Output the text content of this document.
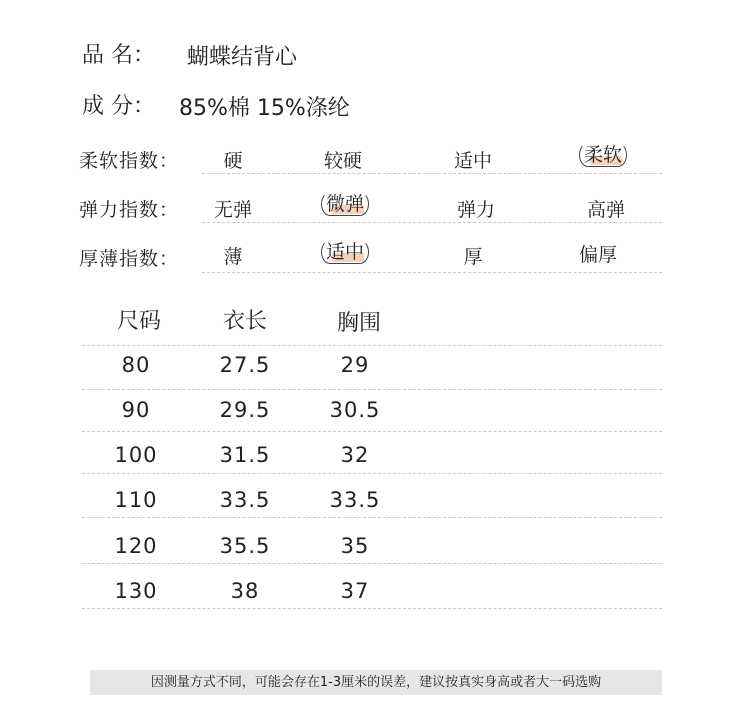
品 名： 蝴蝶结背心
成 分： 85%棉 15%涤纶
柔软指数：	硬	较硬	适中	柔软
弹力指数：	无弹	微弹	弹力	高弹
厚薄指数：	薄	适中	厚	偏厚
尺码	衣长	胸围
80	27.5	29
90	29.5	30.5
100	31.5	32
110	33.5	33.5
120	35.5	35
130	38	37
因测量方式不同，可能会存在1-3厘米的误差，建议按真实身高或者大一码选购
